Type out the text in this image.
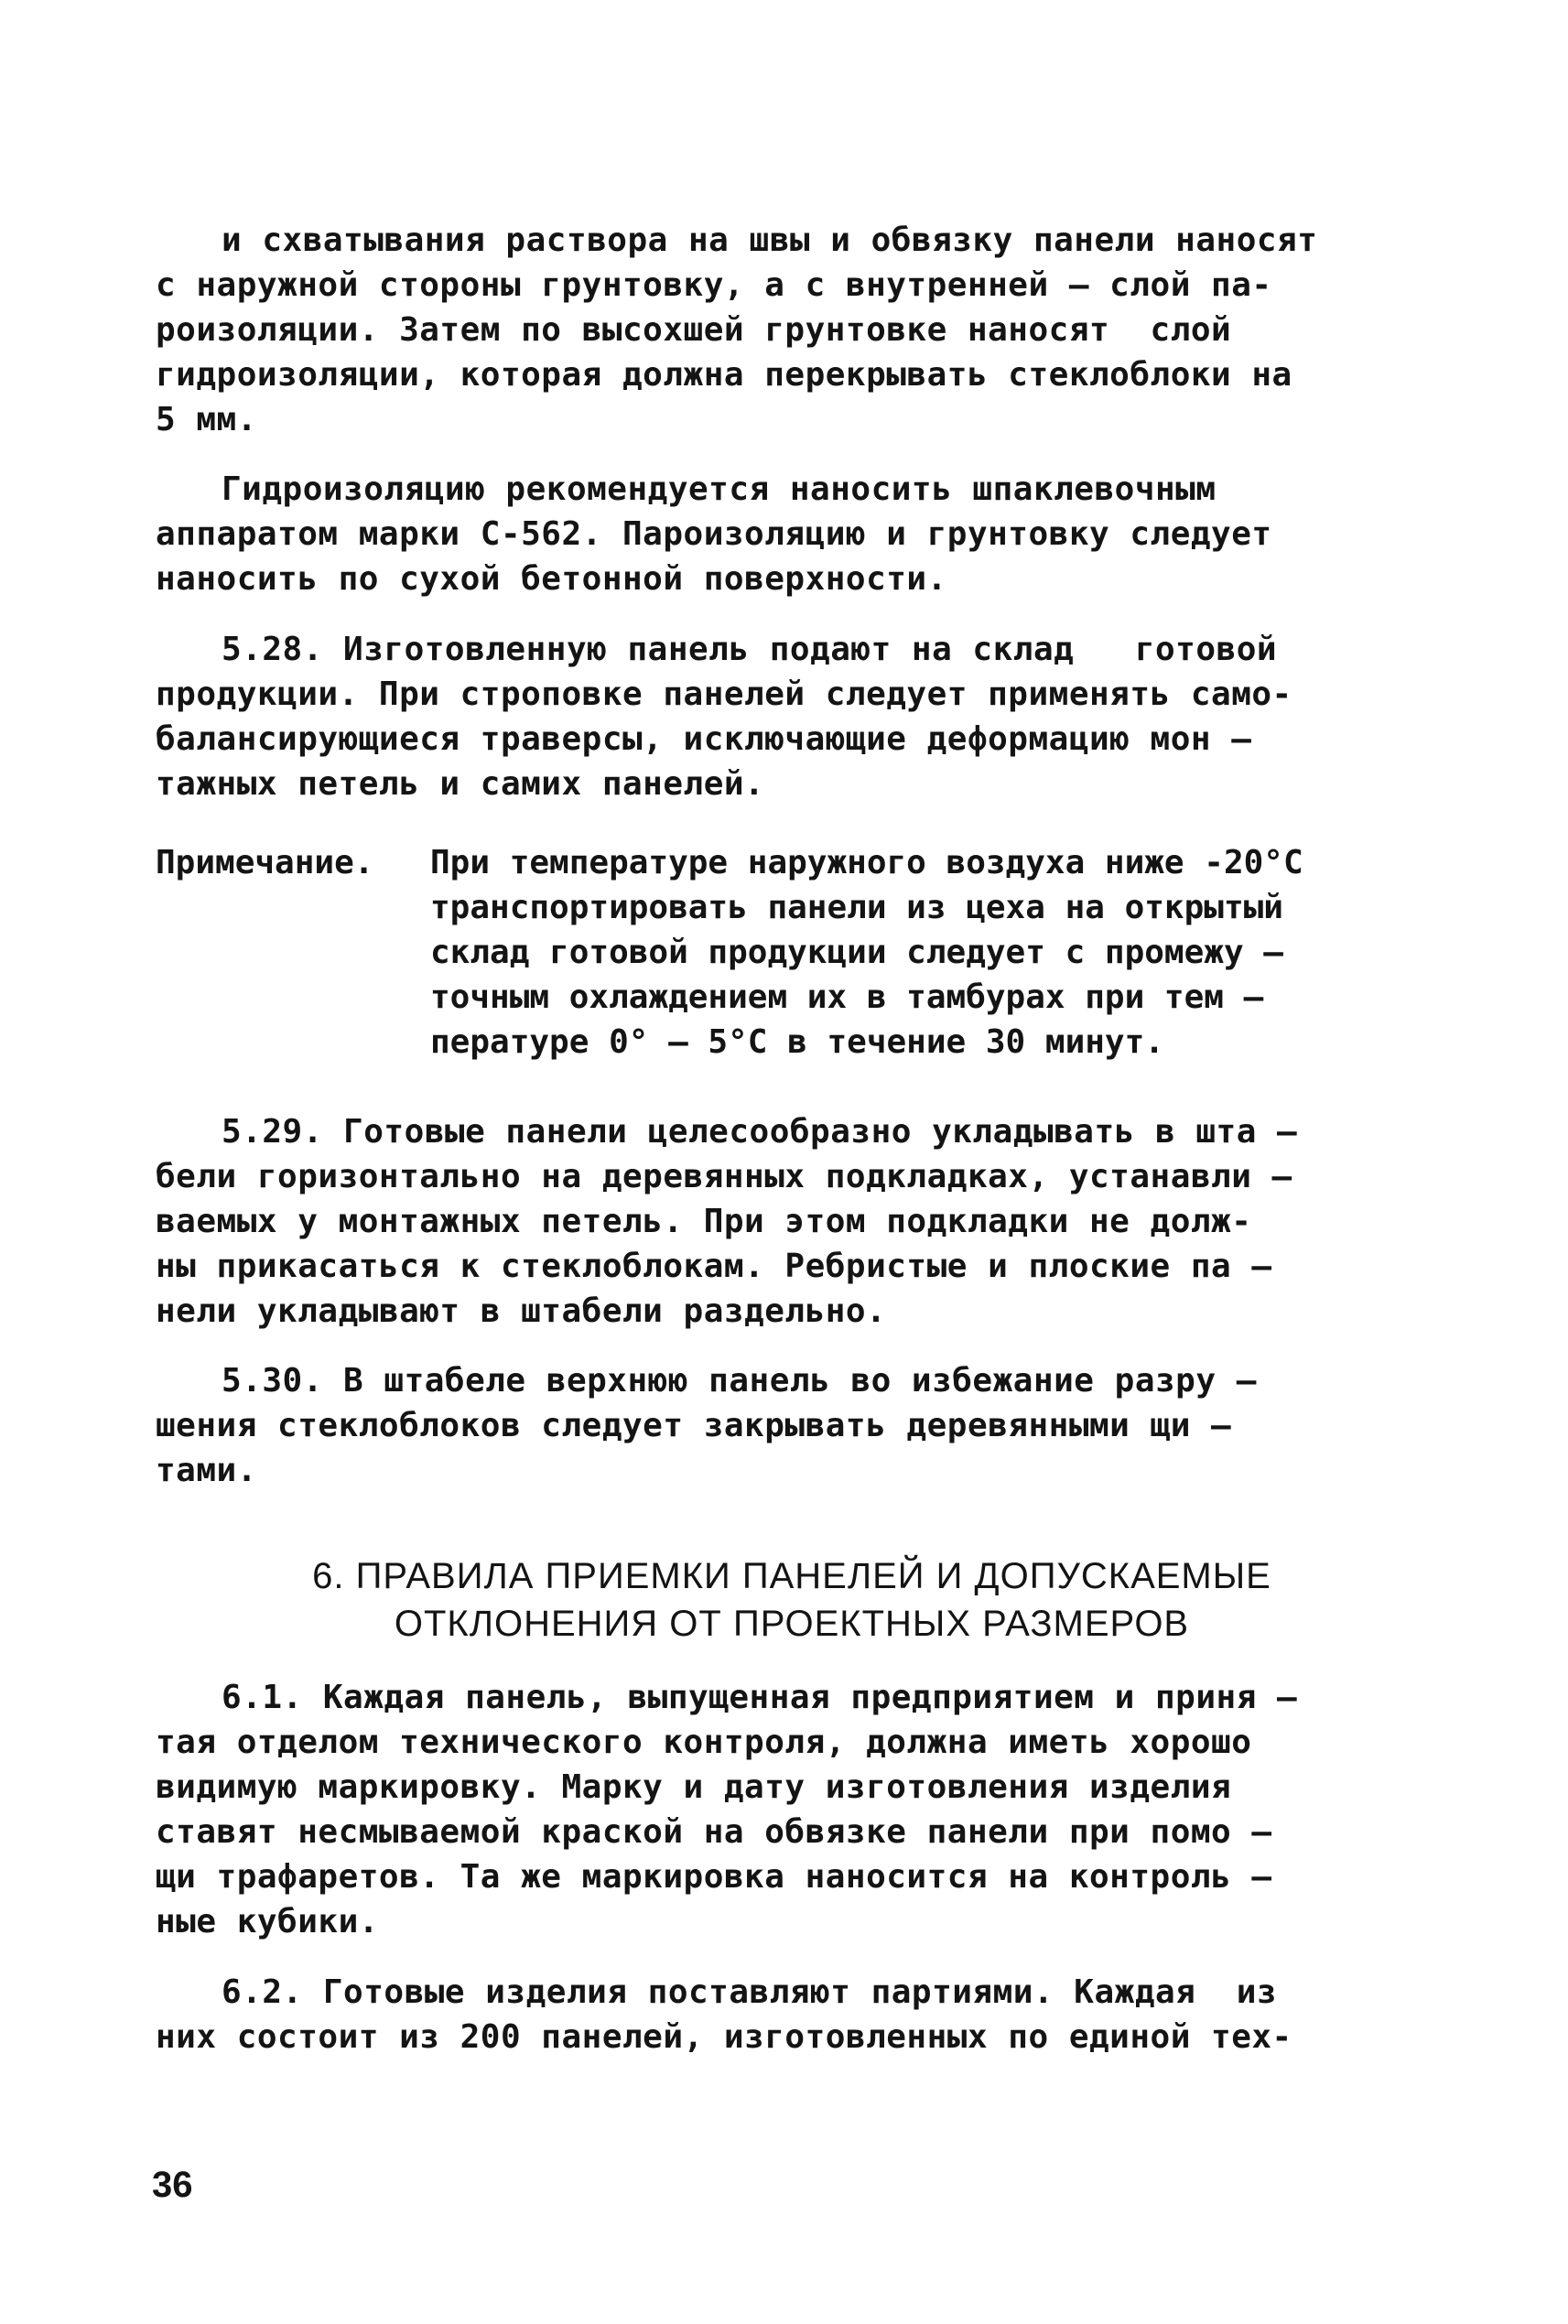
и схватывания раствора на швы и обвязку панели наносят
с наружной стороны грунтовку, а с внутренней – слой па-
роизоляции. Затем по высохшей грунтовке наносят  слой
гидроизоляции, которая должна перекрывать стеклоблоки на
5 мм.
Гидроизоляцию рекомендуется наносить шпаклевочным
аппаратом марки С-562. Пароизоляцию и грунтовку следует
наносить по сухой бетонной поверхности.
5.28. Изготовленную панель подают на склад   готовой
продукции. При строповке панелей следует применять само-
балансирующиеся траверсы, исключающие деформацию мон –
тажных петель и самих панелей.
Примечание. При температуре наружного воздуха ниже -20°С
транспортировать панели из цеха на открытый
склад готовой продукции следует с промежу –
точным охлаждением их в тамбурах при тем –
пературе 0° – 5°С в течение 30 минут.
5.29. Готовые панели целесообразно укладывать в шта –
бели горизонтально на деревянных подкладках, устанавли –
ваемых у монтажных петель. При этом подкладки не долж-
ны прикасаться к стеклоблокам. Ребристые и плоские па –
нели укладывают в штабели раздельно.
5.30. В штабеле верхнюю панель во избежание разру –
шения стеклоблоков следует закрывать деревянными щи –
тами.
6. ПРАВИЛА ПРИЕМКИ ПАНЕЛЕЙ И ДОПУСКАЕМЫЕ
ОТКЛОНЕНИЯ ОТ ПРОЕКТНЫХ РАЗМЕРОВ
6.1. Каждая панель, выпущенная предприятием и приня –
тая отделом технического контроля, должна иметь хорошо
видимую маркировку. Марку и дату изготовления изделия
ставят несмываемой краской на обвязке панели при помо –
щи трафаретов. Та же маркировка наносится на контроль –
ные кубики.
6.2. Готовые изделия поставляют партиями. Каждая  из
них состоит из 200 панелей, изготовленных по единой тех-
36
